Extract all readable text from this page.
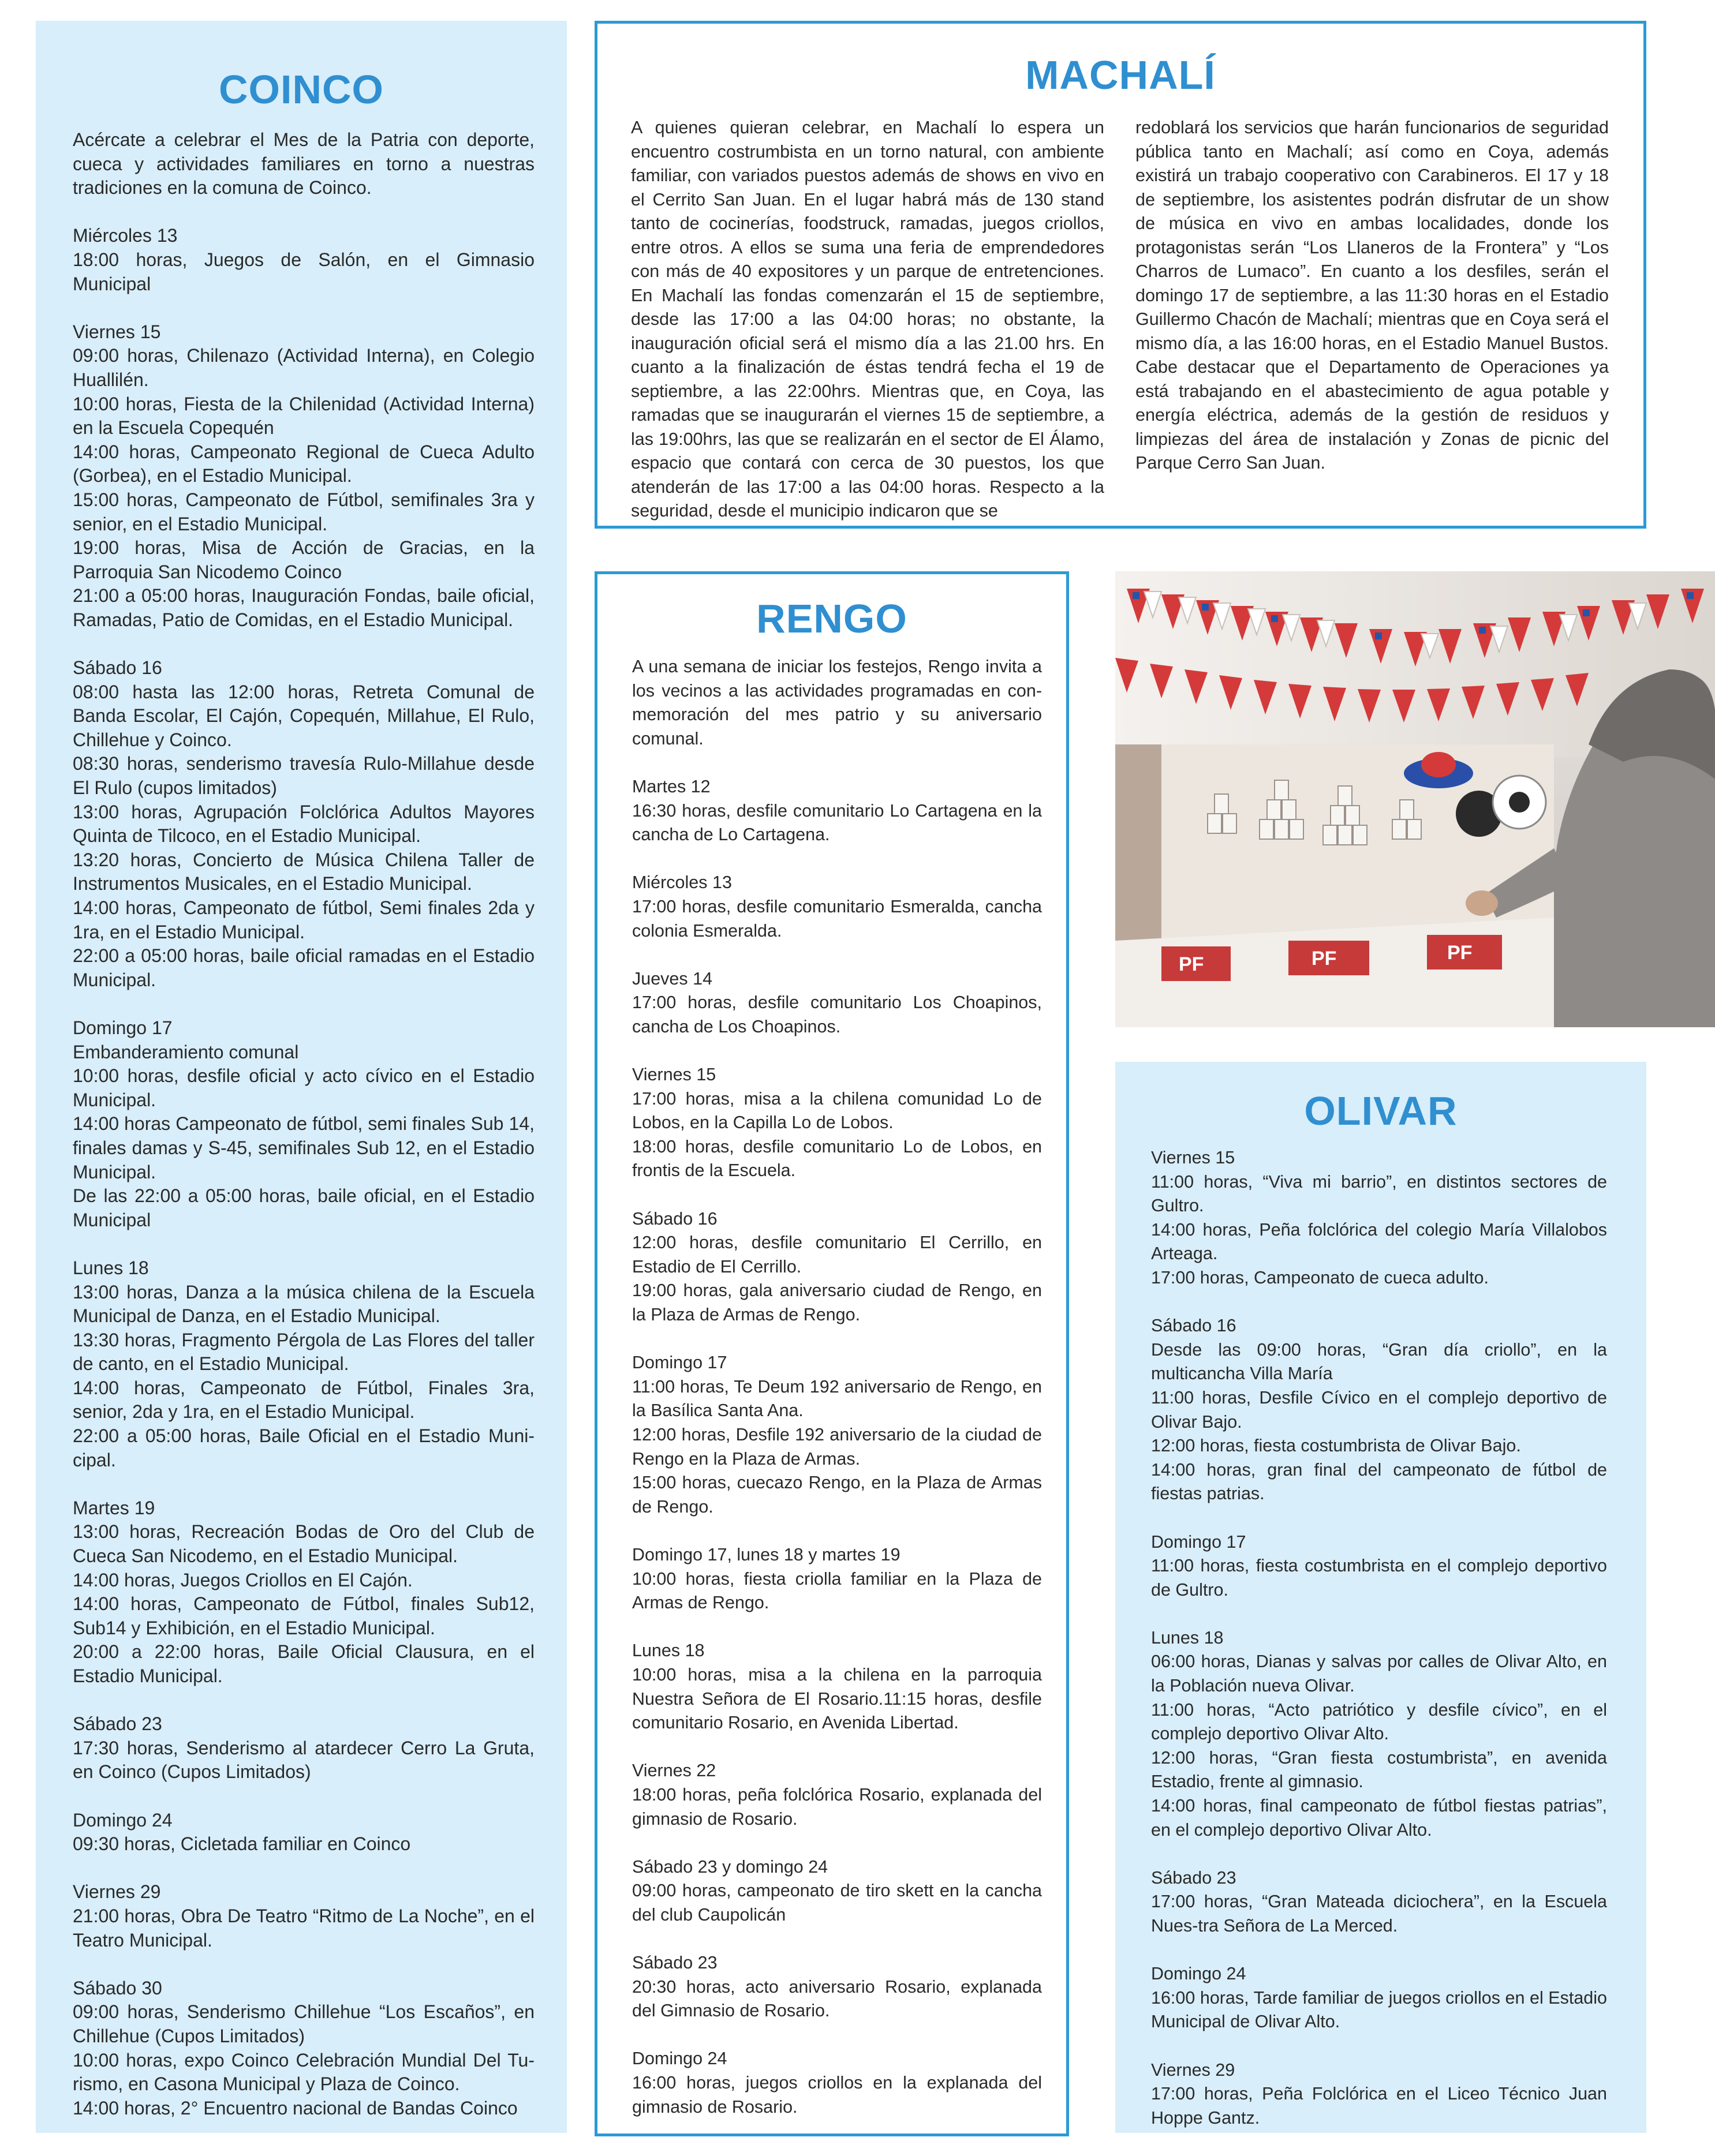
COINCO

Acércate a celebrar el Mes de la Patria con deporte, cueca y actividades familiares en torno a nuestras tradiciones en la comuna de Coinco.

Miércoles 13
18:00 horas, Juegos de Salón, en el Gimnasio Municipal

Viernes 15
09:00 horas, Chilenazo (Actividad Interna), en Colegio Huallilén.
10:00 horas, Fiesta de la Chilenidad (Actividad Interna) en la Escuela Copequén
14:00 horas, Campeonato Regional de Cueca Adulto (Gorbea), en el Estadio Municipal.
15:00 horas, Campeonato de Fútbol, semifinales 3ra y senior, en el Estadio Municipal.
19:00 horas, Misa de Acción de Gracias, en la Parroquia San Nicodemo Coinco
21:00 a 05:00 horas, Inauguración Fondas, baile oficial, Ramadas, Patio de Comidas, en el Estadio Municipal.

Sábado 16
08:00 hasta las 12:00 horas, Retreta Comunal de Banda Escolar, El Cajón, Copequén, Millahue, El Rulo, Chillehue y Coinco.
08:30 horas, senderismo travesía Rulo-Millahue desde El Rulo (cupos limitados)
13:00 horas, Agrupación Folclórica Adultos Mayores Quinta de Tilcoco, en el Estadio Municipal.
13:20 horas, Concierto de Música Chilena Taller de Instrumentos Musicales, en el Estadio Municipal.
14:00 horas, Campeonato de fútbol, Semi finales 2da y 1ra, en el Estadio Municipal.
22:00 a 05:00 horas, baile oficial ramadas en el Estadio Municipal.

Domingo 17
Embanderamiento comunal
10:00 horas, desfile oficial y acto cívico en el Estadio Municipal.
14:00 horas Campeonato de fútbol, semi finales Sub 14, finales damas y S-45, semifinales Sub 12, en el Estadio Municipal.
De las 22:00 a 05:00 horas, baile oficial, en el Estadio Municipal

Lunes 18
13:00 horas, Danza a la música chilena de la Escuela Municipal de Danza, en el Estadio Municipal.
13:30 horas, Fragmento Pérgola de Las Flores del taller de canto, en el Estadio Municipal.
14:00 horas, Campeonato de Fútbol, Finales 3ra, senior, 2da y 1ra, en el Estadio Municipal.
22:00 a 05:00 horas, Baile Oficial en el Estadio Muni-cipal.

Martes 19
13:00 horas, Recreación Bodas de Oro del Club de Cueca San Nicodemo, en el Estadio Municipal.
14:00 horas, Juegos Criollos en El Cajón.
14:00 horas, Campeonato de Fútbol, finales Sub12, Sub14 y Exhibición, en el Estadio Municipal.
20:00 a 22:00 horas, Baile Oficial Clausura, en el Estadio Municipal.

Sábado 23
17:30 horas, Senderismo al atardecer Cerro La Gruta, en Coinco (Cupos Limitados)

Domingo 24
09:30 horas, Cicletada familiar en Coinco

Viernes 29
21:00 horas, Obra De Teatro “Ritmo de La Noche”, en el Teatro Municipal.

Sábado 30
09:00 horas, Senderismo Chillehue “Los Escaños”, en Chillehue (Cupos Limitados)
10:00 horas, expo Coinco Celebración Mundial Del Tu-rismo, en Casona Municipal y Plaza de Coinco.
14:00 horas, 2° Encuentro nacional de Bandas Coinco

MACHALÍ

A quienes quieran celebrar, en Machalí lo espera un encuentro costrumbista en un torno natural, con ambiente familiar, con variados puestos además de shows en vivo en el Cerrito San Juan. En el lugar habrá más de 130 stand tanto de cocinerías, foodstruck, ramadas, juegos criollos, entre otros. A ellos se suma una feria de emprendedores con más de 40 expositores y un parque de entretenciones. En Machalí las fondas comenzarán el 15 de septiembre, desde las 17:00 a las 04:00 horas; no obstante, la inauguración oficial será el mismo día a las 21.00 hrs. En cuanto a la finalización de éstas tendrá fecha el 19 de septiembre, a las 22:00hrs. Mientras que, en Coya, las ramadas que se inaugurarán el viernes 15 de septiembre, a las 19:00hrs, las que se realizarán en el sector de El Álamo, espacio que contará con cerca de 30 puestos, los que atenderán de las 17:00 a las 04:00 horas. Respecto a la seguridad, desde el municipio indicaron que se

redoblará los servicios que harán funcionarios de seguridad pública tanto en Machalí; así como en Coya, además existirá un trabajo cooperativo con Carabineros. El 17 y 18 de septiembre, los asistentes podrán disfrutar de un show de música en vivo en ambas localidades, donde los protagonistas serán “Los Llaneros de la Frontera” y “Los Charros de Lumaco”. En cuanto a los desfiles, serán el domingo 17 de septiembre, a las 11:30 horas en el Estadio Guillermo Chacón de Machalí; mientras que en Coya será el mismo día, a las 16:00 horas, en el Estadio Manuel Bustos. Cabe destacar que el Departamento de Operaciones ya está trabajando en el abastecimiento de agua potable y energía eléctrica, además de la gestión de residuos y limpiezas del área de instalación y Zonas de picnic del Parque Cerro San Juan.

RENGO

A una semana de iniciar los festejos, Rengo invita a los vecinos a las actividades programadas en con-memoración del mes patrio y su aniversario comunal.

Martes 12
16:30 horas, desfile comunitario Lo Cartagena en la cancha de Lo Cartagena.

Miércoles 13
17:00 horas, desfile comunitario Esmeralda, cancha colonia Esmeralda.

Jueves 14
17:00 horas, desfile comunitario Los Choapinos, cancha de Los Choapinos.

Viernes 15
17:00 horas, misa a la chilena comunidad Lo de Lobos, en la Capilla Lo de Lobos.
18:00 horas, desfile comunitario Lo de Lobos, en frontis de la Escuela.

Sábado 16
12:00 horas, desfile comunitario El Cerrillo, en Estadio de El Cerrillo.
19:00 horas, gala aniversario ciudad de Rengo, en la Plaza de Armas de Rengo.

Domingo 17
11:00 horas, Te Deum 192 aniversario de Rengo, en la Basílica Santa Ana.
12:00 horas, Desfile 192 aniversario de la ciudad de Rengo en la Plaza de Armas.
15:00 horas, cuecazo Rengo, en la Plaza de Armas de Rengo.

Domingo 17, lunes 18 y martes 19
10:00 horas, fiesta criolla familiar en la Plaza de Armas de Rengo.

Lunes 18
10:00 horas, misa a la chilena en la parroquia Nuestra Señora de El Rosario.11:15 horas, desfile comunitario Rosario, en Avenida Libertad.

Viernes 22
18:00 horas, peña folclórica Rosario, explanada del gimnasio de Rosario.

Sábado 23 y domingo 24
09:00 horas, campeonato de tiro skett en la cancha del club Caupolicán

Sábado 23
20:30 horas, acto aniversario Rosario, explanada del Gimnasio de Rosario.

Domingo 24
16:00 horas, juegos criollos en la explanada del gimnasio de Rosario.

PF	PF	PF
OLIVAR

Viernes 15
11:00 horas, “Viva mi barrio”, en distintos sectores de Gultro.
14:00 horas, Peña folclórica del colegio María Villalobos Arteaga.
17:00 horas, Campeonato de cueca adulto.

Sábado 16
Desde las 09:00 horas, “Gran día criollo”, en la multicancha Villa María
11:00 horas, Desfile Cívico en el complejo deportivo de Olivar Bajo.
12:00 horas, fiesta costumbrista de Olivar Bajo.
14:00 horas, gran final del campeonato de fútbol de fiestas patrias.

Domingo 17
11:00 horas, fiesta costumbrista en el complejo deportivo de Gultro.

Lunes 18
06:00 horas, Dianas y salvas por calles de Olivar Alto, en la Población nueva Olivar.
11:00 horas, “Acto patriótico y desfile cívico”, en el complejo deportivo Olivar Alto.
12:00 horas, “Gran fiesta costumbrista”, en avenida Estadio, frente al gimnasio.
14:00 horas, final campeonato de fútbol fiestas patrias”, en el complejo deportivo Olivar Alto.

Sábado 23
17:00 horas, “Gran Mateada diciochera”, en la Escuela Nues-tra Señora de La Merced.

Domingo 24
16:00 horas, Tarde familiar de juegos criollos en el Estadio Municipal de Olivar Alto.

Viernes 29
17:00 horas, Peña Folclórica en el Liceo Técnico Juan Hoppe Gantz.
